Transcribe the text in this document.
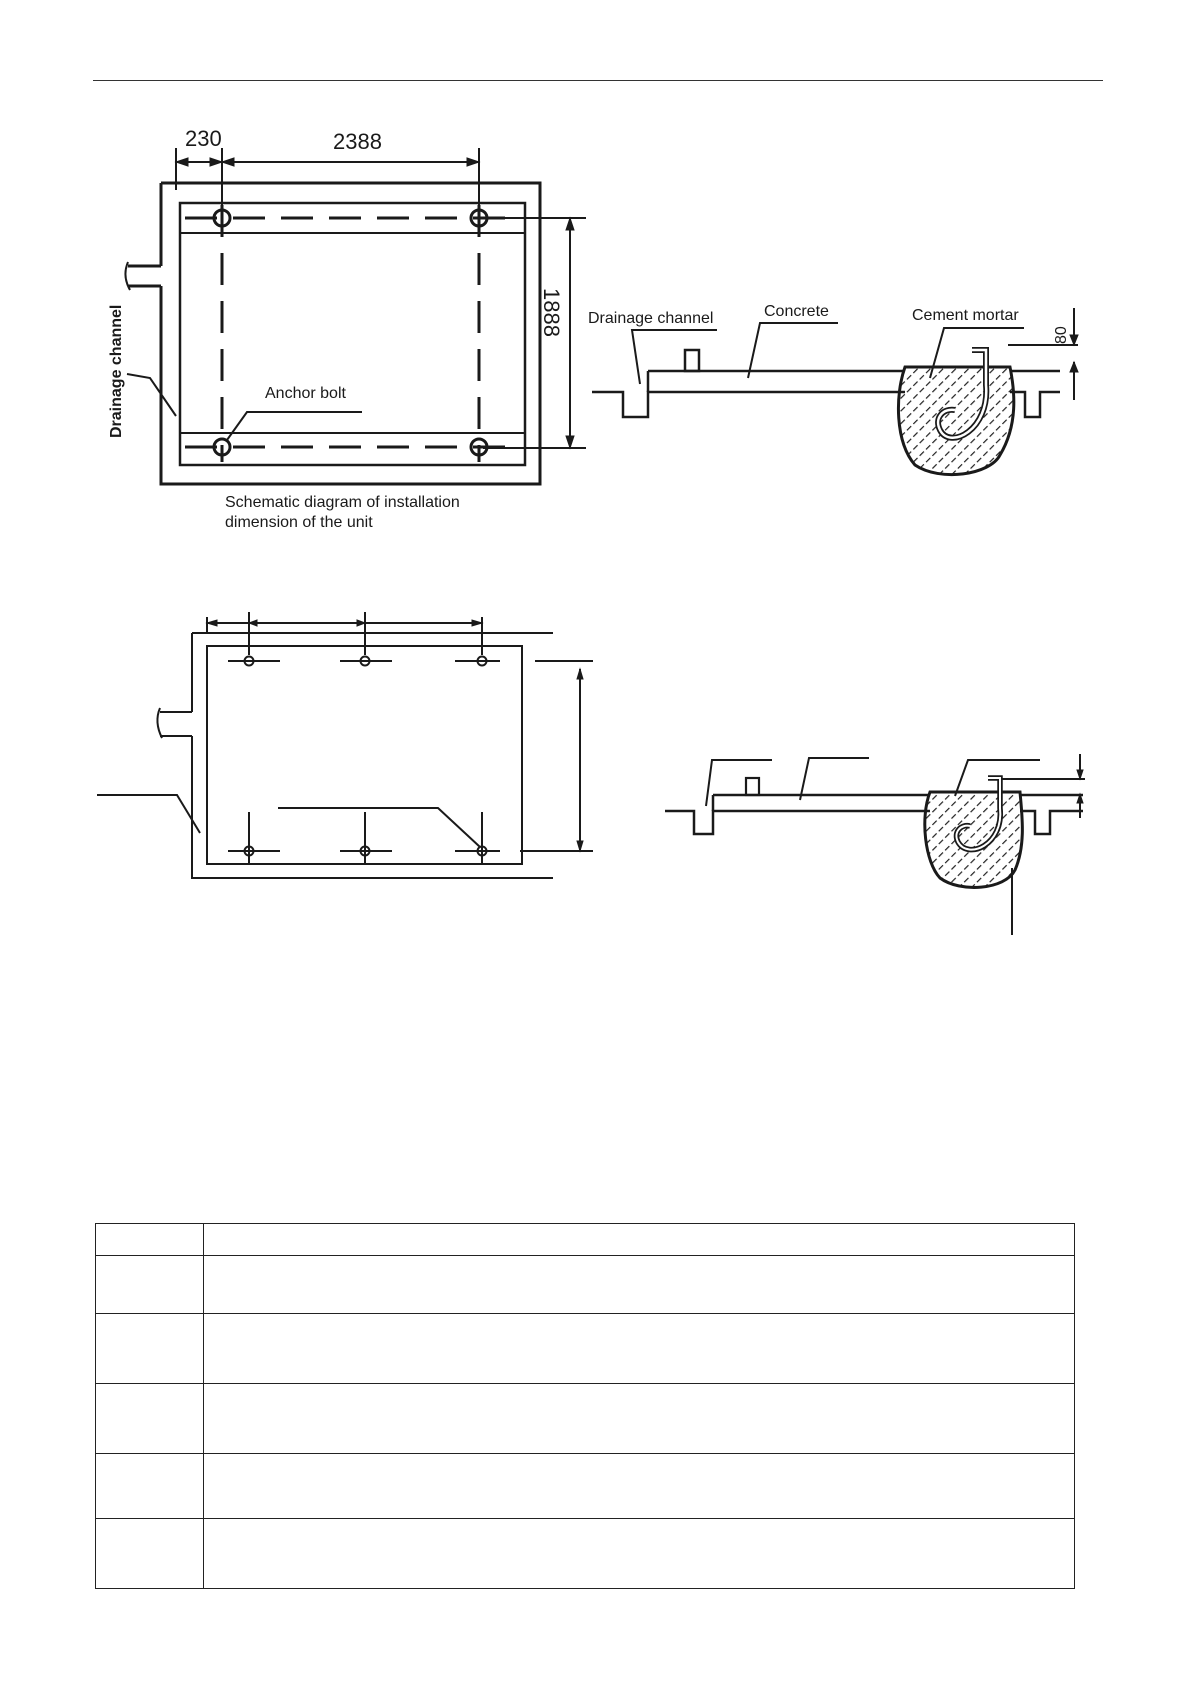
230	2388
1888
Drainage channel	Anchor bolt
Schematic diagram of installation
dimension of the unit
Drainage channel	Concrete	Cement mortar
80
